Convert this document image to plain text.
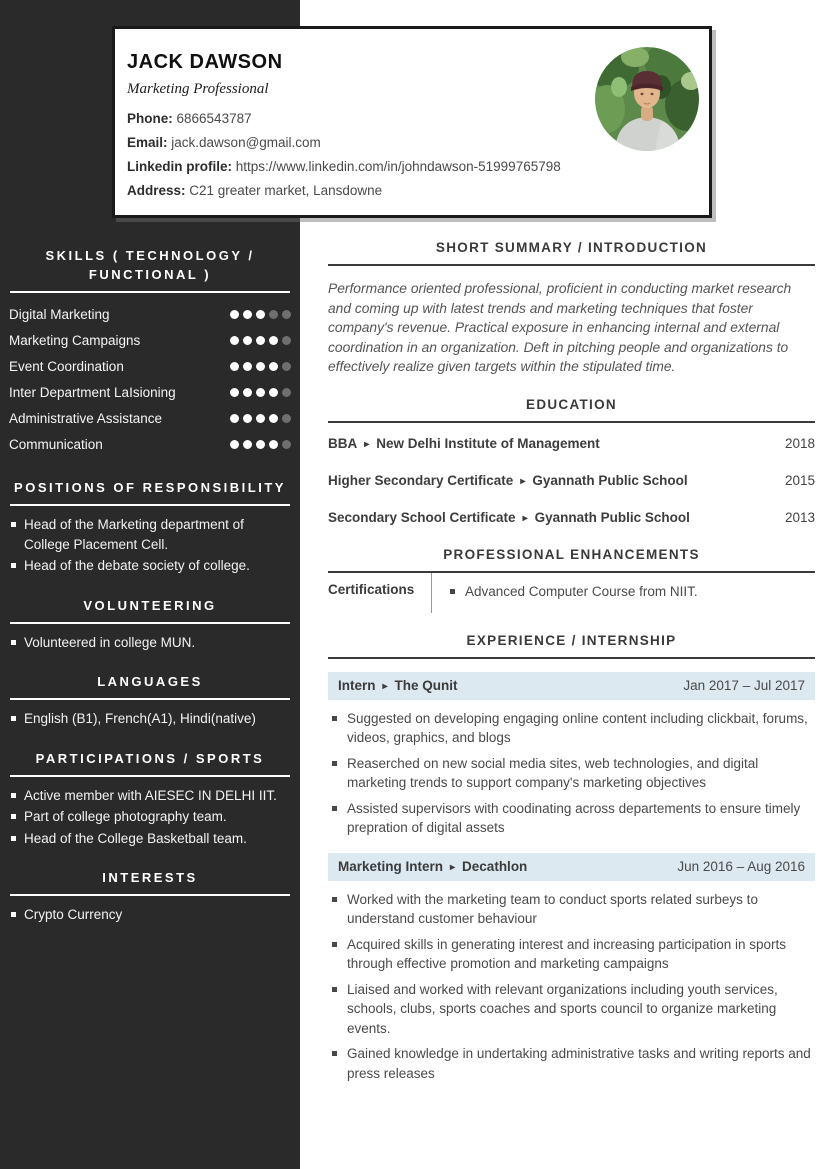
SKILLS ( TECHNOLOGY / FUNCTIONAL )
Digital Marketing
Marketing Campaigns
Event Coordination
Inter Department LaIsioning
Administrative Assistance
Communication
POSITIONS OF RESPONSIBILITY
Head of the Marketing department of College Placement Cell.
Head of the debate society of college.
VOLUNTEERING
Volunteered in college MUN.
LANGUAGES
English (B1), French(A1), Hindi(native)
PARTICIPATIONS / SPORTS
Active member with AIESEC IN DELHI IIT.
Part of college photography team.
Head of the College Basketball team.
INTERESTS
Crypto Currency
JACK DAWSON
Marketing Professional
Phone: 6866543787
Email: jack.dawson@gmail.com
Linkedin profile: https://www.linkedin.com/in/johndawson-51999765798
Address: C21 greater market, Lansdowne
SHORT SUMMARY / INTRODUCTION

Performance oriented professional, proficient in conducting market research and coming up with latest trends and marketing techniques that foster company's revenue. Practical exposure in enhancing internal and external coordination in an organization. Deft in pitching people and organizations to effectively realize given targets within the stipulated time.

EDUCATION
BBA ▸ New Delhi Institute of Management	2018
Higher Secondary Certificate ▸ Gyannath Public School	2015
Secondary School Certificate ▸ Gyannath Public School	2013
PROFESSIONAL ENHANCEMENTS
Certifications	Advanced Computer Course from NIIT.
EXPERIENCE / INTERNSHIP
Intern ▸ The Qunit	Jan 2017 – Jul 2017
Suggested on developing engaging online content including clickbait, forums, videos, graphics, and blogs
Reaserched on new social media sites, web technologies, and digital marketing trends to support company's marketing objectives
Assisted supervisors with coodinating across departements to ensure timely prepration of digital assets
Marketing Intern ▸ Decathlon	Jun 2016 – Aug 2016
Worked with the marketing team to conduct sports related surbeys to understand customer behaviour
Acquired skills in generating interest and increasing participation in sports through effective promotion and marketing campaigns
Liaised and worked with relevant organizations including youth services, schools, clubs, sports coaches and sports council to organize marketing events.
Gained knowledge in undertaking administrative tasks and writing reports and press releases
